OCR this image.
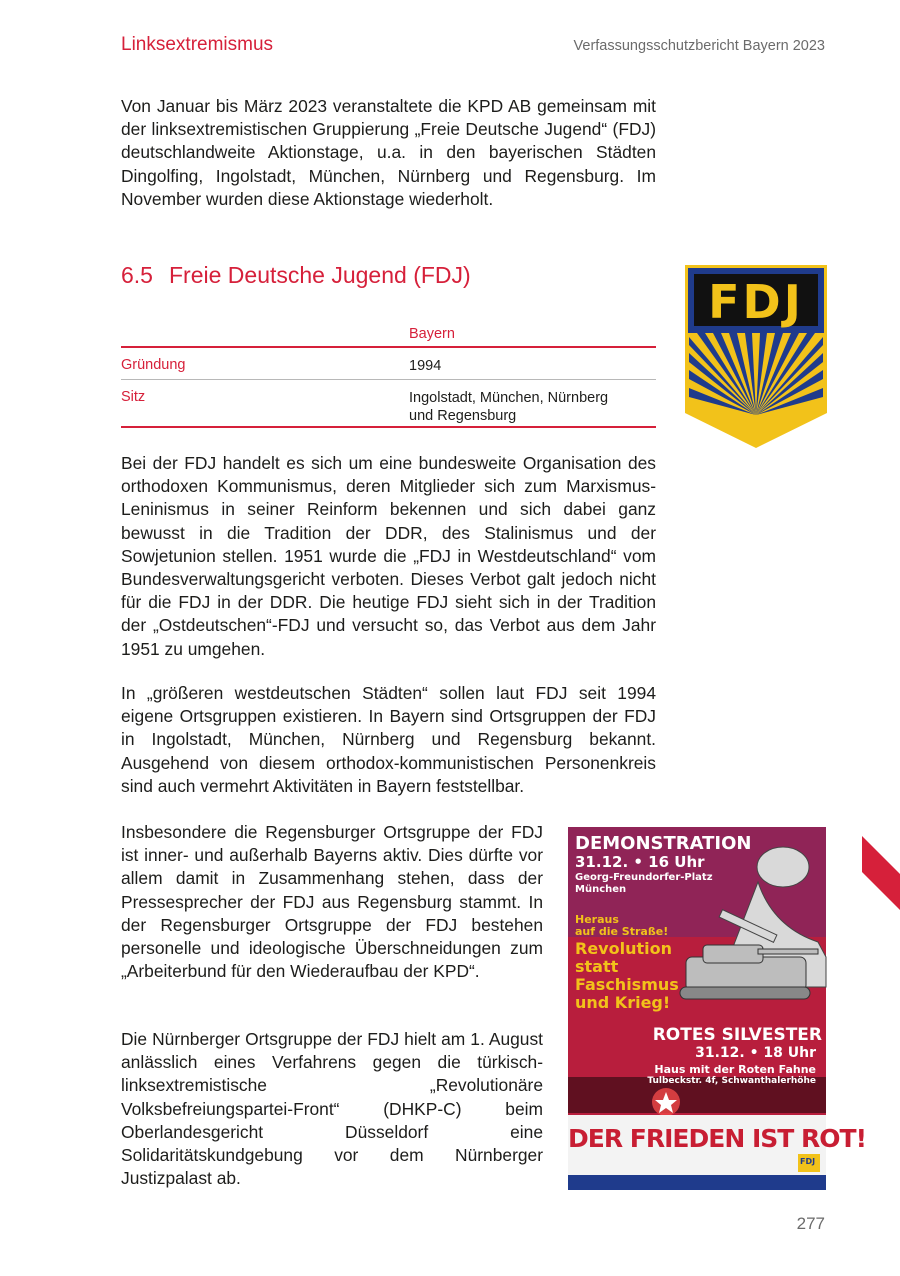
Linksextremismus	Verfassungsschutzbericht Bayern 2023

Von Januar bis März 2023 veranstaltete die KPD AB gemeinsam mit der linksextremistischen Gruppierung „Freie Deutsche Jugend“ (FDJ) deutschlandweite Aktionstage, u.a. in den bayerischen Städten Dingolfing, Ingolstadt, München, Nürnberg und Regensburg. Im November wurden diese Aktionstage wiederholt.

6.5 Freie Deutsche Jugend (FDJ)
Bayern
Gründung	1994
Sitz	Ingolstadt, München, Nürnberg
und Regensburg
FDJ

Bei der FDJ handelt es sich um eine bundesweite Organisation des orthodoxen Kommunismus, deren Mitglieder sich zum Marxismus-Leninismus in seiner Reinform bekennen und sich dabei ganz bewusst in die Tradition der DDR, des Stalinismus und der Sowjetunion stellen. 1951 wurde die „FDJ in Westdeutschland“ vom Bundesverwaltungsgericht verboten. Dieses Verbot galt jedoch nicht für die FDJ in der DDR. Die heutige FDJ sieht sich in der Tradition der „Ostdeutschen“-FDJ und versucht so, das Verbot aus dem Jahr 1951 zu umgehen.

In „größeren westdeutschen Städten“ sollen laut FDJ seit 1994 eigene Ortsgruppen existieren. In Bayern sind Ortsgruppen der FDJ in Ingolstadt, München, Nürnberg und Regensburg bekannt. Ausgehend von diesem orthodox-kommunistischen Personenkreis sind auch vermehrt Aktivitäten in Bayern feststellbar.

Insbesondere die Regensburger Ortsgruppe der FDJ ist inner- und außerhalb Bayerns aktiv. Dies dürfte vor allem damit in Zusammenhang stehen, dass der Pressesprecher der FDJ aus Regensburg stammt. In der Regensburger Ortsgruppe der FDJ bestehen personelle und ideologische Überschneidungen zum „Arbeiterbund für den Wiederaufbau der KPD“.

Die Nürnberger Ortsgruppe der FDJ hielt am 1. August anlässlich eines Verfahrens gegen die türkisch-linksextremistische „Revolutionäre Volksbefreiungspartei-Front“ (DHKP-C) beim Oberlandesgericht Düsseldorf eine Solidaritätskundgebung vor dem Nürnberger Justizpalast ab.

DEMONSTRATION
31.12. • 16 Uhr
Georg-Freundorfer-Platz
München
Heraus
auf die Straße!
Revolution
statt
Faschismus
und Krieg!
ROTES SILVESTER
31.12. • 18 Uhr
Haus mit der Roten Fahne
Tulbeckstr. 4f, Schwanthalerhöhe
DER FRIEDEN IST ROT!
FDJ
277
